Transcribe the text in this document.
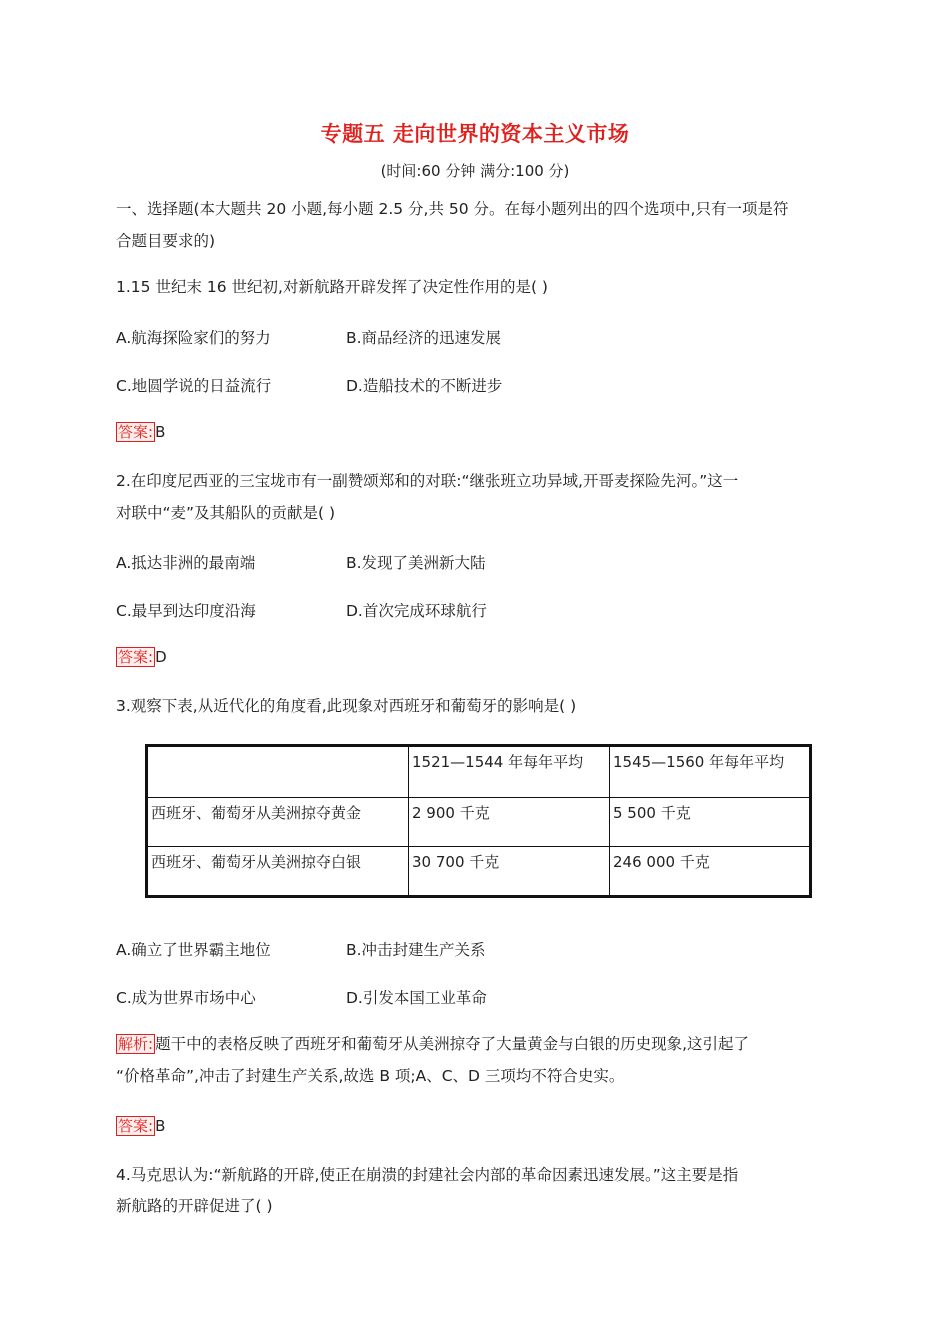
专题五 走向世界的资本主义市场
(时间:60 分钟 满分:100 分)
一、选择题(本大题共 20 小题,每小题 2.5 分,共 50 分。在每小题列出的四个选项中,只有一项是符
合题目要求的)
1.15 世纪末 16 世纪初,对新航路开辟发挥了决定性作用的是( )
A.航海探险家们的努力	B.商品经济的迅速发展
C.地圆学说的日益流行	D.造船技术的不断进步
答案: B
2.在印度尼西亚的三宝垅市有一副赞颂郑和的对联:“继张班立功异域,开哥麦探险先河。”这一
对联中“麦”及其船队的贡献是( )
A.抵达非洲的最南端	B.发现了美洲新大陆
C.最早到达印度沿海	D.首次完成环球航行
答案: D
3.观察下表,从近代化的角度看,此现象对西班牙和葡萄牙的影响是( )
	1521—1544 年每年平均	1545—1560 年每年平均
西班牙、葡萄牙从美洲掠夺黄金	2 900 千克	5 500 千克
西班牙、葡萄牙从美洲掠夺白银	30 700 千克	246 000 千克
A.确立了世界霸主地位	B.冲击封建生产关系
C.成为世界市场中心	D.引发本国工业革命
解析: 题干中的表格反映了西班牙和葡萄牙从美洲掠夺了大量黄金与白银的历史现象,这引起了
“价格革命”,冲击了封建生产关系,故选 B 项;A、C、D 三项均不符合史实。
答案: B
4.马克思认为:“新航路的开辟,使正在崩溃的封建社会内部的革命因素迅速发展。”这主要是指
新航路的开辟促进了( )
